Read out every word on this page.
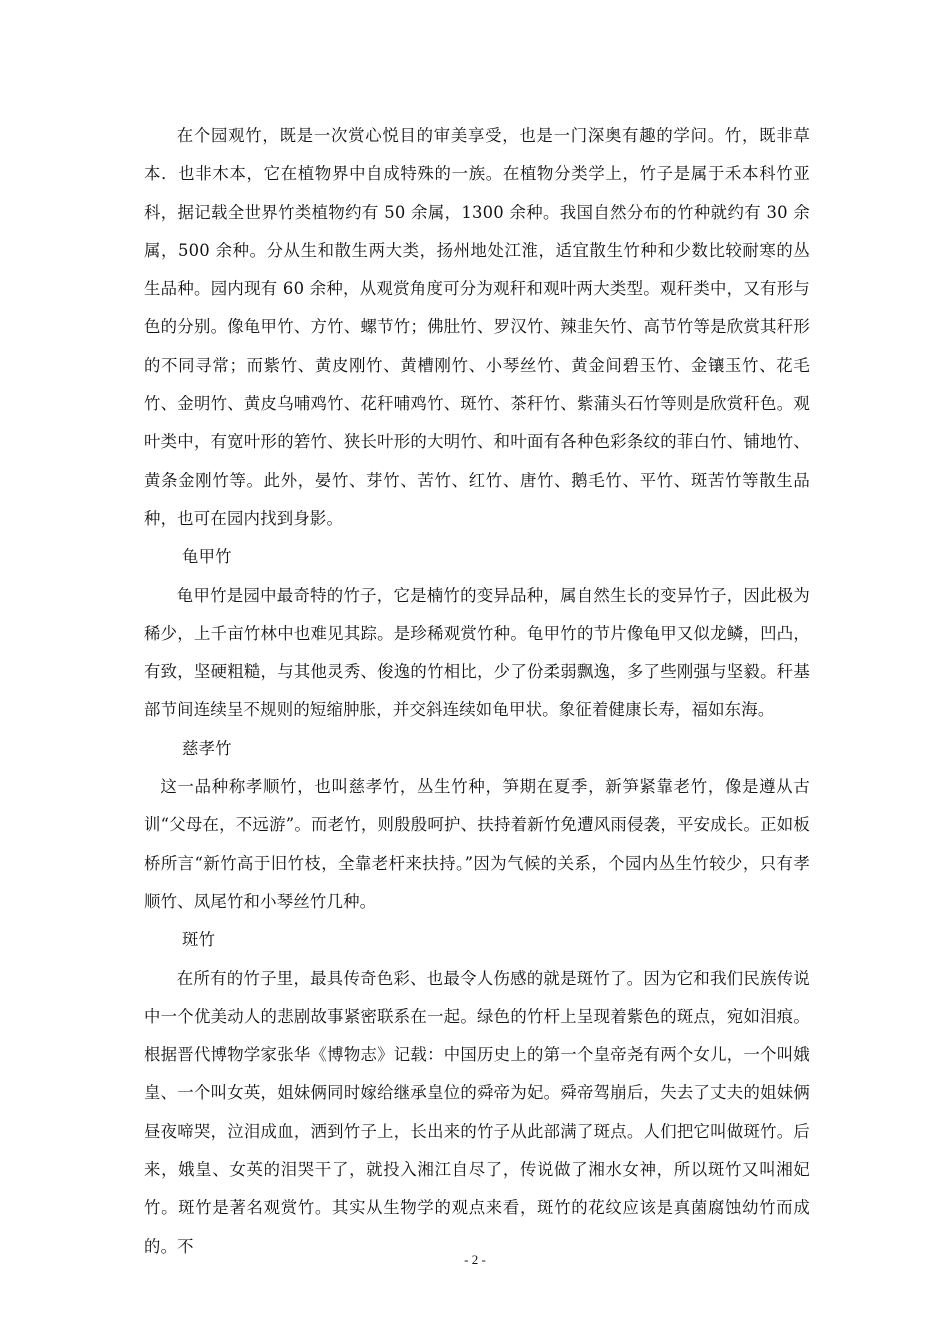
在个园观竹，既是一次赏心悦目的审美享受，也是一门深奥有趣的学问。竹，既非草本．也非木本，它在植物界中自成特殊的一族。在植物分类学上，竹子是属于禾本科竹亚科，据记载全世界竹类植物约有 50 余属，1300 余种。我国自然分布的竹种就约有 30 余属，500 余种。分从生和散生两大类，扬州地处江淮，适宜散生竹种和少数比较耐寒的丛生品种。园内现有 60 余种，从观赏角度可分为观秆和观叶两大类型。观秆类中，又有形与色的分别。像龟甲竹、方竹、螺节竹；佛肚竹、罗汉竹、辣韭矢竹、高节竹等是欣赏其秆形的不同寻常；而紫竹、黄皮刚竹、黄槽刚竹、小琴丝竹、黄金间碧玉竹、金镶玉竹、花毛竹、金明竹、黄皮乌哺鸡竹、花秆哺鸡竹、斑竹、茶秆竹、紫蒲头石竹等则是欣赏秆色。观叶类中，有宽叶形的箬竹、狭长叶形的大明竹、和叶面有各种色彩条纹的菲白竹、铺地竹、黄条金刚竹等。此外，晏竹、芽竹、苦竹、红竹、唐竹、鹅毛竹、平竹、斑苦竹等散生品种，也可在园内找到身影。

龟甲竹

龟甲竹是园中最奇特的竹子，它是楠竹的变异品种，属自然生长的变异竹子，因此极为稀少，上千亩竹林中也难见其踪。是珍稀观赏竹种。龟甲竹的节片像龟甲又似龙鳞，凹凸，有致，坚硬粗糙，与其他灵秀、俊逸的竹相比，少了份柔弱飘逸，多了些刚强与坚毅。秆基部节间连续呈不规则的短缩肿胀，并交斜连续如龟甲状。象征着健康长寿，福如东海。

慈孝竹

这一品种称孝顺竹，也叫慈孝竹，丛生竹种，笋期在夏季，新笋紧靠老竹，像是遵从古训“父母在，不远游”。而老竹，则殷殷呵护、扶持着新竹免遭风雨侵袭，平安成长。正如板桥所言“新竹高于旧竹枝，全靠老杆来扶持。”因为气候的关系，个园内丛生竹较少，只有孝顺竹、凤尾竹和小琴丝竹几种。

斑竹

在所有的竹子里，最具传奇色彩、也最令人伤感的就是斑竹了。因为它和我们民族传说中一个优美动人的悲剧故事紧密联系在一起。绿色的竹杆上呈现着紫色的斑点，宛如泪痕。根据晋代博物学家张华《博物志》记载：中国历史上的第一个皇帝尧有两个女儿，一个叫娥皇、一个叫女英，姐妹俩同时嫁给继承皇位的舜帝为妃。舜帝驾崩后，失去了丈夫的姐妹俩昼夜啼哭，泣泪成血，洒到竹子上，长出来的竹子从此部满了斑点。人们把它叫做斑竹。后来，娥皇、女英的泪哭干了，就投入湘江自尽了，传说做了湘水女神，所以斑竹又叫湘妃竹。斑竹是著名观赏竹。其实从生物学的观点来看，斑竹的花纹应该是真菌腐蚀幼竹而成的。不

- 2 -
